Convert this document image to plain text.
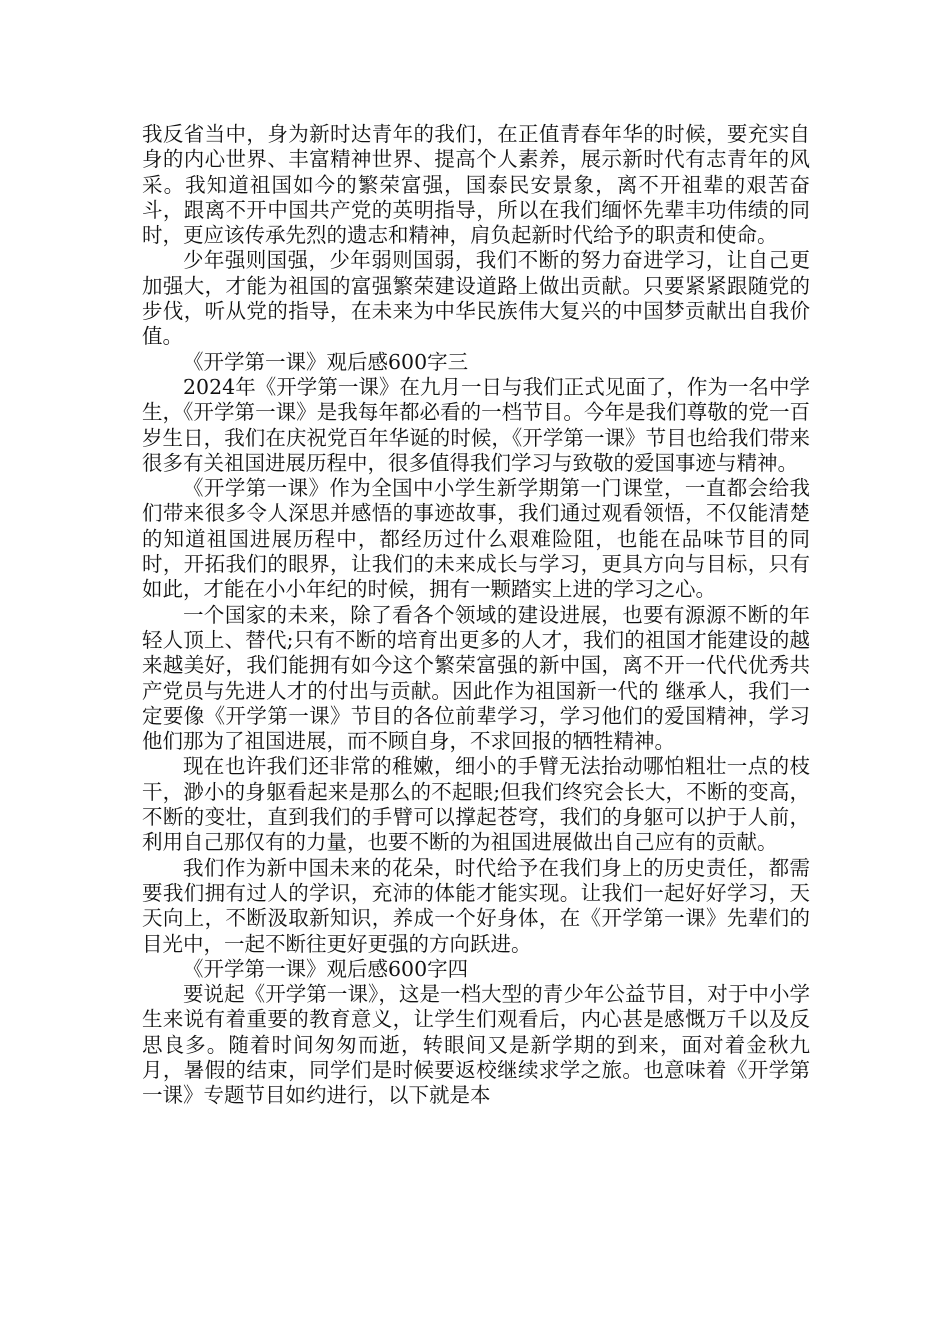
我反省当中，身为新时达青年的我们，在正值青春年华的时候，要充实自身的内心世界、丰富精神世界、提高个人素养，展示新时代有志青年的风采。我知道祖国如今的繁荣富强，国泰民安景象，离不开祖辈的艰苦奋斗，跟离不开中国共产党的英明指导，所以在我们缅怀先辈丰功伟绩的同时，更应该传承先烈的遗志和精神，肩负起新时代给予的职责和使命。

少年强则国强，少年弱则国弱，我们不断的努力奋进学习，让自己更加强大，才能为祖国的富强繁荣建设道路上做出贡献。只要紧紧跟随党的步伐，听从党的指导，在未来为中华民族伟大复兴的中国梦贡献出自我价值。

《开学第一课》观后感600字三

2024年《开学第一课》在九月一日与我们正式见面了，作为一名中学生，《开学第一课》是我每年都必看的一档节目。今年是我们尊敬的党一百岁生日，我们在庆祝党百年华诞的时候，《开学第一课》节目也给我们带来很多有关祖国进展历程中，很多值得我们学习与致敬的爱国事迹与精神。

《开学第一课》作为全国中小学生新学期第一门课堂，一直都会给我们带来很多令人深思并感悟的事迹故事，我们通过观看领悟，不仅能清楚的知道祖国进展历程中，都经历过什么艰难险阻，也能在品味节目的同时，开拓我们的眼界，让我们的未来成长与学习，更具方向与目标，只有如此，才能在小小年纪的时候，拥有一颗踏实上进的学习之心。

一个国家的未来，除了看各个领域的建设进展，也要有源源不断的年轻人顶上、替代;只有不断的培育出更多的人才，我们的祖国才能建设的越来越美好，我们能拥有如今这个繁荣富强的新中国，离不开一代代优秀共产党员与先进人才的付出与贡献。因此作为祖国新一代的 继承人，我们一定要像《开学第一课》节目的各位前辈学习，学习他们的爱国精神，学习他们那为了祖国进展，而不顾自身，不求回报的牺牲精神。

现在也许我们还非常的稚嫩，细小的手臂无法抬动哪怕粗壮一点的枝干，渺小的身躯看起来是那么的不起眼;但我们终究会长大，不断的变高，不断的变壮，直到我们的手臂可以撑起苍穹，我们的身躯可以护于人前，利用自己那仅有的力量，也要不断的为祖国进展做出自己应有的贡献。

我们作为新中国未来的花朵，时代给予在我们身上的历史责任，都需要我们拥有过人的学识，充沛的体能才能实现。让我们一起好好学习，天天向上，不断汲取新知识，养成一个好身体，在《开学第一课》先辈们的目光中，一起不断往更好更强的方向跃进。

《开学第一课》观后感600字四

要说起《开学第一课》，这是一档大型的青少年公益节目，对于中小学生来说有着重要的教育意义，让学生们观看后，内心甚是感慨万千以及反思良多。随着时间匆匆而逝，转眼间又是新学期的到来，面对着金秋九月，暑假的结束，同学们是时候要返校继续求学之旅。也意味着《开学第一课》专题节目如约进行，以下就是本
